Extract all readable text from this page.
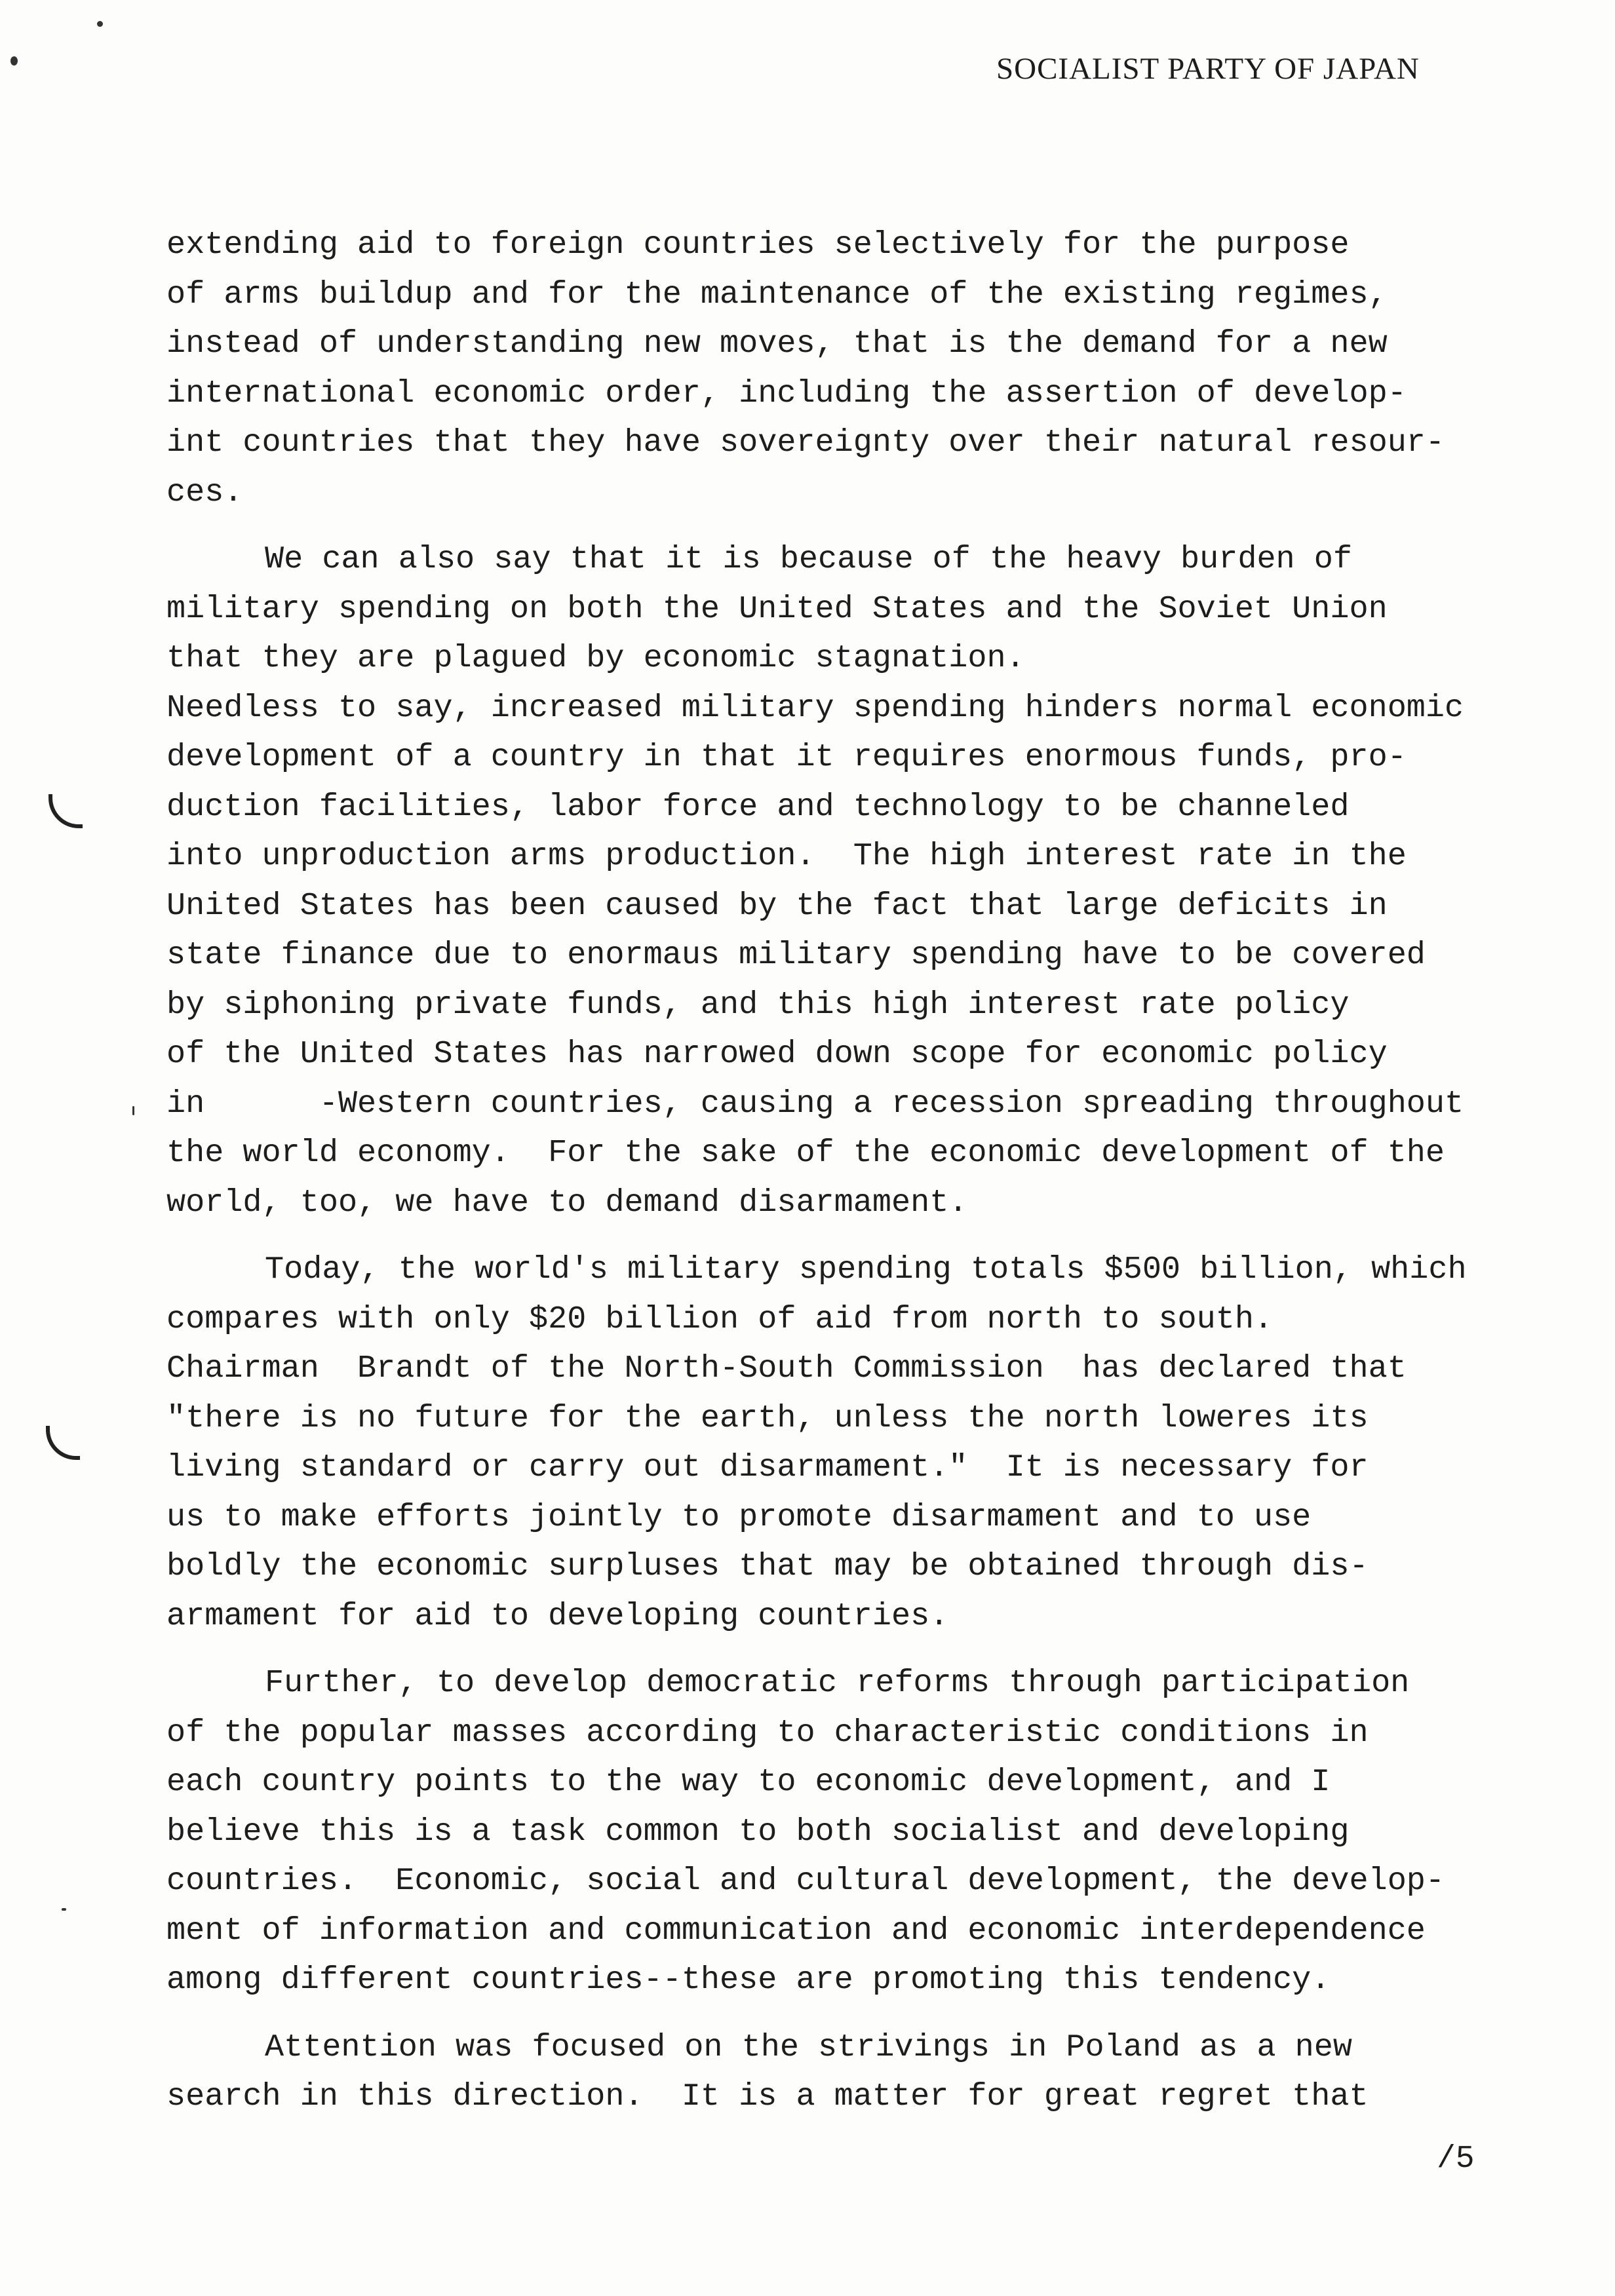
SOCIALIST PARTY OF JAPAN
extending aid to foreign countries selectively for the purpose
of arms buildup and for the maintenance of the existing regimes,
instead of understanding new moves, that is the demand for a new
international economic order, including the assertion of develop-
int countries that they have sovereignty over their natural resour-
ces.
We can also say that it is because of the heavy burden of
military spending on both the United States and the Soviet Union
that they are plagued by economic stagnation.
Needless to say, increased military spending hinders normal economic
development of a country in that it requires enormous funds, pro-
duction facilities, labor force and technology to be channeled
into unproduction arms production.  The high interest rate in the
United States has been caused by the fact that large deficits in
state finance due to enormaus military spending have to be covered
by siphoning private funds, and this high interest rate policy
of the United States has narrowed down scope for economic policy
in      -Western countries, causing a recession spreading throughout
the world economy.  For the sake of the economic development of the
world, too, we have to demand disarmament.
Today, the world's military spending totals $500 billion, which
compares with only $20 billion of aid from north to south.
Chairman  Brandt of the North-South Commission  has declared that
"there is no future for the earth, unless the north loweres its
living standard or carry out disarmament."  It is necessary for
us to make efforts jointly to promote disarmament and to use
boldly the economic surpluses that may be obtained through dis-
armament for aid to developing countries.
Further, to develop democratic reforms through participation
of the popular masses according to characteristic conditions in
each country points to the way to economic development, and I
believe this is a task common to both socialist and developing
countries.  Economic, social and cultural development, the develop-
ment of information and communication and economic interdependence
among different countries--these are promoting this tendency.
Attention was focused on the strivings in Poland as a new
search in this direction.  It is a matter for great regret that
/5
